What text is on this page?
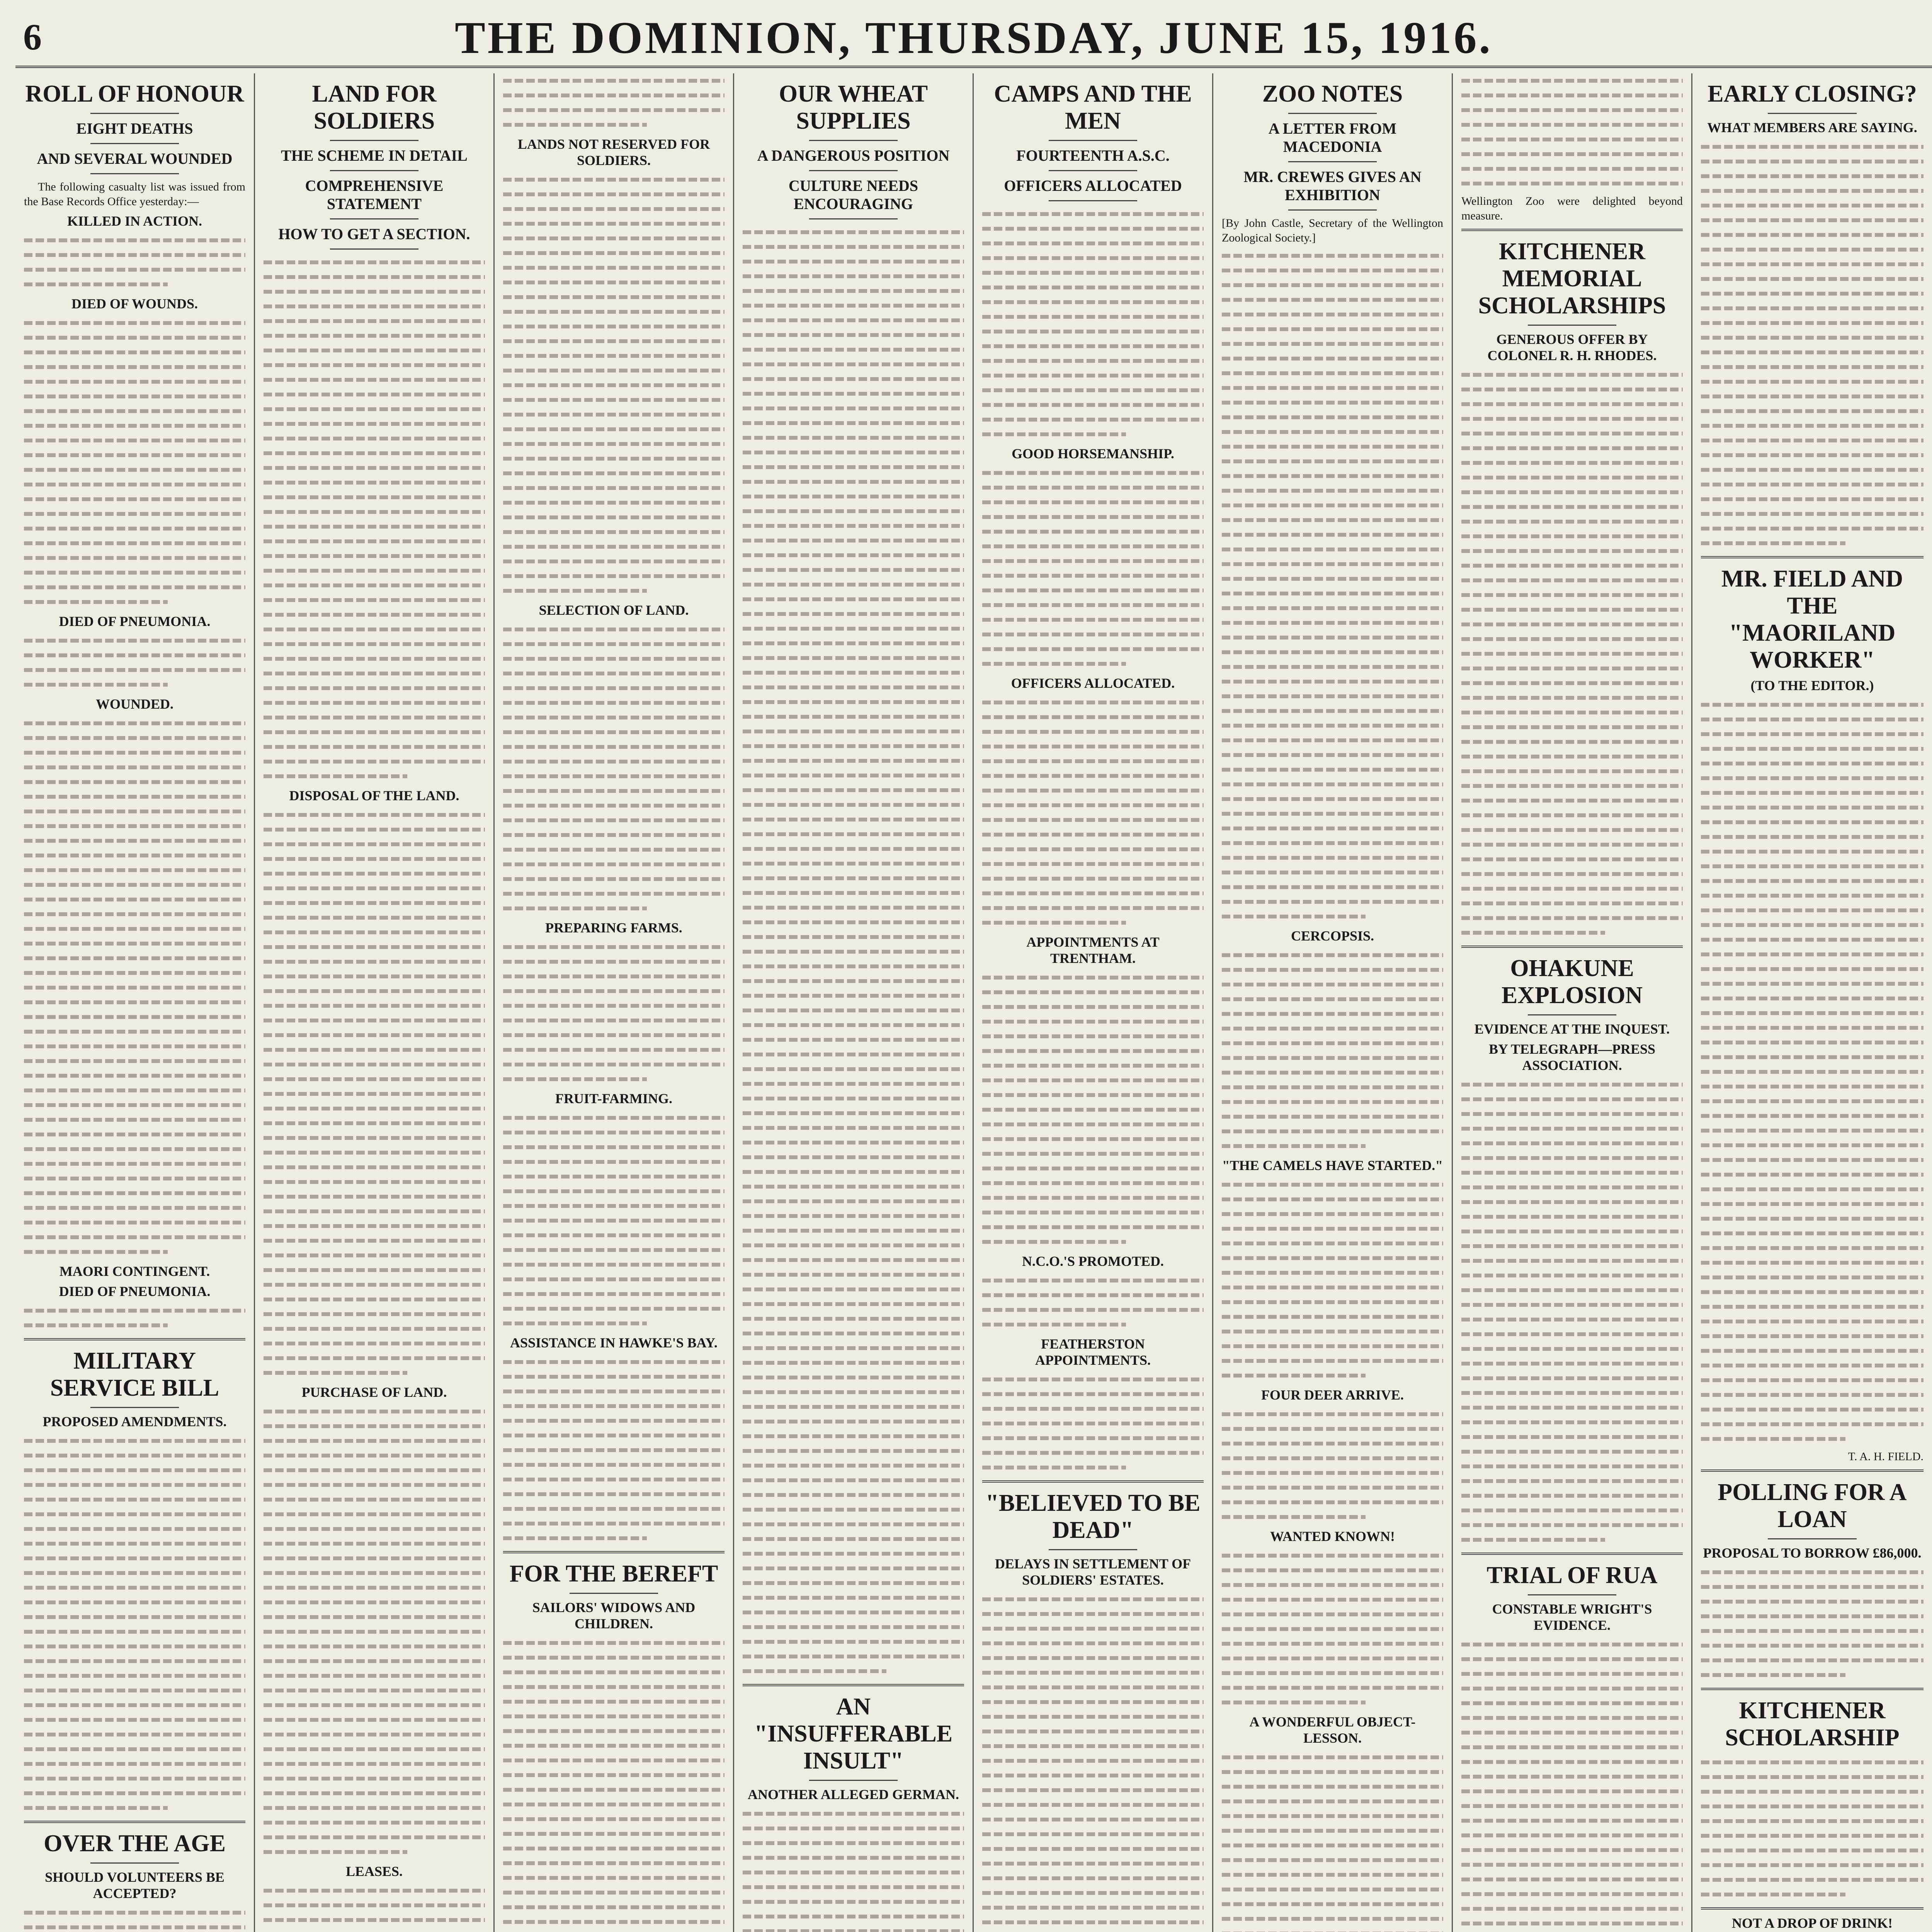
6	THE DOMINION, THURSDAY, JUNE 15, 1916.
ROLL OF HONOUR
EIGHT DEATHS
AND SEVERAL WOUNDED
The following casualty list was issued from the Base Records Office yesterday:—
KILLED IN ACTION.
DIED OF WOUNDS.
DIED OF PNEUMONIA.
WOUNDED.
MAORI CONTINGENT.
DIED OF PNEUMONIA.
MILITARY SERVICE BILL
PROPOSED AMENDMENTS.
OVER THE AGE
SHOULD VOLUNTEERS BE ACCEPTED?
LAND FOR SOLDIERS
THE SCHEME IN DETAIL
COMPREHENSIVE STATEMENT
HOW TO GET A SECTION.
DISPOSAL OF THE LAND.
PURCHASE OF LAND.
LEASES.
LANDS NOT RESERVED FOR SOLDIERS.
SELECTION OF LAND.
PREPARING FARMS.
FRUIT-FARMING.
ASSISTANCE IN HAWKE'S BAY.
FOR THE BEREFT
SAILORS' WIDOWS AND CHILDREN.
OUR WHEAT SUPPLIES
A DANGEROUS POSITION
CULTURE NEEDS ENCOURAGING
AN "INSUFFERABLE INSULT"
ANOTHER ALLEGED GERMAN.
CAMPS AND THE MEN
FOURTEENTH A.S.C.
OFFICERS ALLOCATED
GOOD HORSEMANSHIP.
OFFICERS ALLOCATED.
APPOINTMENTS AT TRENTHAM.
N.C.O.'S PROMOTED.
FEATHERSTON APPOINTMENTS.
"BELIEVED TO BE DEAD"
DELAYS IN SETTLEMENT OF SOLDIERS' ESTATES.
ZOO NOTES
A LETTER FROM MACEDONIA
MR. CREWES GIVES AN EXHIBITION
[By John Castle, Secretary of the Wellington Zoological Society.]
CERCOPSIS.
"THE CAMELS HAVE STARTED."
FOUR DEER ARRIVE.
WANTED KNOWN!
A WONDERFUL OBJECT-LESSON.
Wellington Zoo were delighted beyond measure.
KITCHENER MEMORIAL SCHOLARSHIPS
GENEROUS OFFER BY COLONEL R. H. RHODES.
OHAKUNE EXPLOSION
EVIDENCE AT THE INQUEST.
BY TELEGRAPH—PRESS ASSOCIATION.
TRIAL OF RUA
CONSTABLE WRIGHT'S EVIDENCE.
EARLY CLOSING?
WHAT MEMBERS ARE SAYING.
MR. FIELD AND THE "MAORILAND WORKER"
(TO THE EDITOR.)
T. A. H. FIELD.
POLLING FOR A LOAN
PROPOSAL TO BORROW £86,000.
KITCHENER SCHOLARSHIP
NOT A DROP OF DRINK!
